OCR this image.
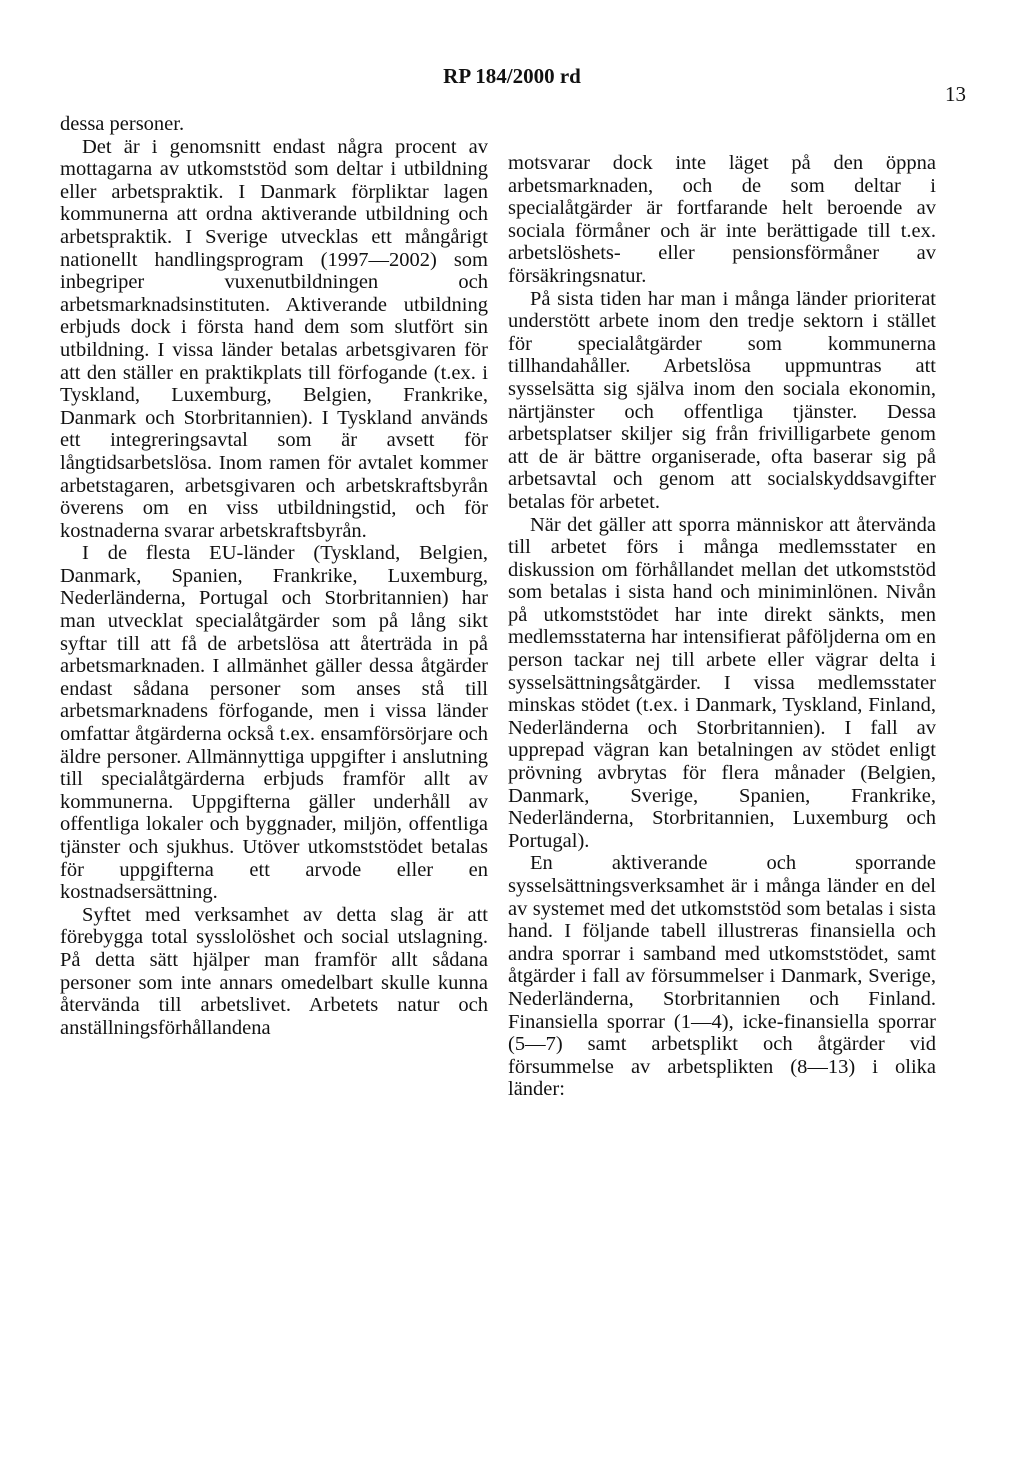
RP 184/2000 rd
13

dessa personer.

Det är i genomsnitt endast några procent av mottagarna av utkomststöd som deltar i utbildning eller arbetspraktik. I Danmark förpliktar lagen kommunerna att ordna aktiverande utbildning och arbetspraktik. I Sverige utvecklas ett mångårigt nationellt handlingsprogram (1997—2002) som inbegriper vuxenutbildningen och arbetsmarknadsinstituten. Aktiverande utbildning erbjuds dock i första hand dem som slutfört sin utbildning. I vissa länder betalas arbetsgivaren för att den ställer en praktikplats till förfogande (t.ex. i Tyskland, Luxemburg, Belgien, Frankrike, Danmark och Storbritannien). I Tyskland används ett integreringsavtal som är avsett för långtidsarbetslösa. Inom ramen för avtalet kommer arbetstagaren, arbetsgivaren och arbetskraftsbyrån överens om en viss utbildningstid, och för kostnaderna svarar arbetskraftsbyrån.

I de flesta EU-länder (Tyskland, Belgien, Danmark, Spanien, Frankrike, Luxemburg, Nederländerna, Portugal och Storbritannien) har man utvecklat specialåtgärder som på lång sikt syftar till att få de arbetslösa att återträda in på arbetsmarknaden. I allmänhet gäller dessa åtgärder endast sådana personer som anses stå till arbetsmarknadens förfogande, men i vissa länder omfattar åtgärderna också t.ex. ensamförsörjare och äldre personer. Allmännyttiga uppgifter i anslutning till specialåtgärderna erbjuds framför allt av kommunerna. Uppgifterna gäller underhåll av offentliga lokaler och byggnader, miljön, offentliga tjänster och sjukhus. Utöver utkomststödet betalas för uppgifterna ett arvode eller en kostnadsersättning.

Syftet med verksamhet av detta slag är att förebygga total sysslolöshet och social utslagning. På detta sätt hjälper man framför allt sådana personer som inte annars omedelbart skulle kunna återvända till arbetslivet. Arbetets natur och anställningsförhållandena

motsvarar dock inte läget på den öppna arbetsmarknaden, och de som deltar i specialåtgärder är fortfarande helt beroende av sociala förmåner och är inte berättigade till t.ex. arbetslöshets- eller pensionsförmåner av försäkringsnatur.

På sista tiden har man i många länder prioriterat understött arbete inom den tredje sektorn i stället för specialåtgärder som kommunerna tillhandahåller. Arbetslösa uppmuntras att sysselsätta sig själva inom den sociala ekonomin, närtjänster och offentliga tjänster. Dessa arbetsplatser skiljer sig från frivilligarbete genom att de är bättre organiserade, ofta baserar sig på arbetsavtal och genom att socialskyddsavgifter betalas för arbetet.

När det gäller att sporra människor att återvända till arbetet förs i många medlemsstater en diskussion om förhållandet mellan det utkomststöd som betalas i sista hand och miniminlönen. Nivån på utkomststödet har inte direkt sänkts, men medlemsstaterna har intensifierat påföljderna om en person tackar nej till arbete eller vägrar delta i sysselsättningsåtgärder. I vissa medlemsstater minskas stödet (t.ex. i Danmark, Tyskland, Finland, Nederländerna och Storbritannien). I fall av upprepad vägran kan betalningen av stödet enligt prövning avbrytas för flera månader (Belgien, Danmark, Sverige, Spanien, Frankrike, Nederländerna, Storbritannien, Luxemburg och Portugal).

En aktiverande och sporrande sysselsättningsverksamhet är i många länder en del av systemet med det utkomststöd som betalas i sista hand. I följande tabell illustreras finansiella och andra sporrar i samband med utkomststödet, samt åtgärder i fall av försummelser i Danmark, Sverige, Nederländerna, Storbritannien och Finland. Finansiella sporrar (1—4), icke-finansiella sporrar (5—7) samt arbetsplikt och åtgärder vid försummelse av arbetsplikten (8—13) i olika länder:
